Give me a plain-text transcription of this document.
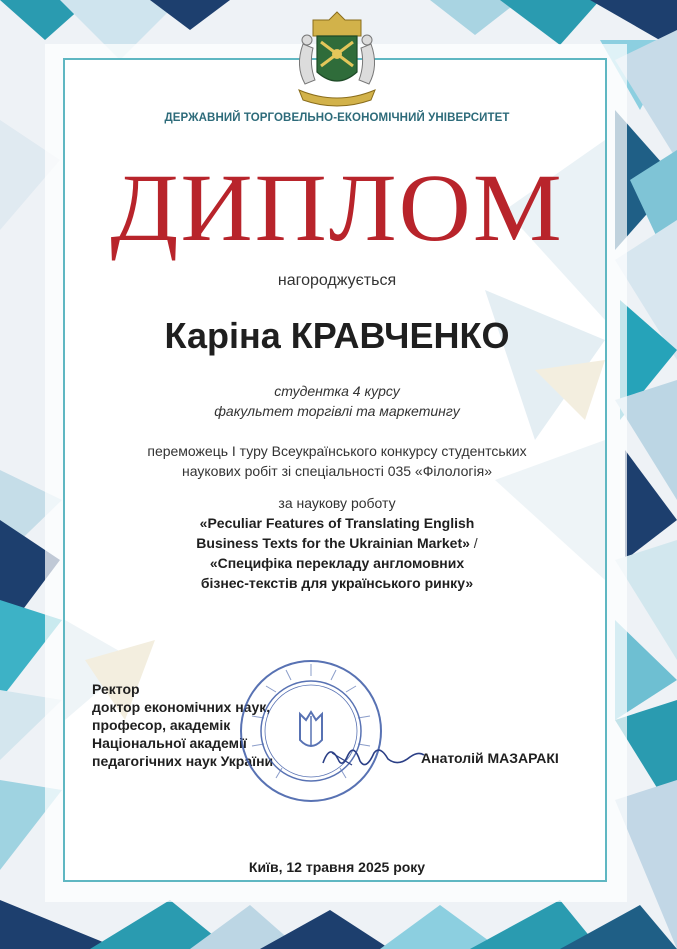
ДЕРЖАВНИЙ ТОРГОВЕЛЬНО-ЕКОНОМІЧНИЙ УНІВЕРСИТЕТ
ДИПЛОМ
нагороджується
Каріна КРАВЧЕНКО
студентка 4 курсу
факультет торгівлі та маркетингу
переможець І туру Всеукраїнського конкурсу студентських
наукових робіт зі спеціальності 035 «Філологія»
за наукову роботу
«Peculiar Features of Translating English
Business Texts for the Ukrainian Market» /
«Специфіка перекладу англомовних
бізнес-текстів для українського ринку»
Ректор
доктор економічних наук,
професор, академік
Національної академії
педагогічних наук України	Анатолій МАЗАРАКІ
Київ, 12 травня 2025 року
